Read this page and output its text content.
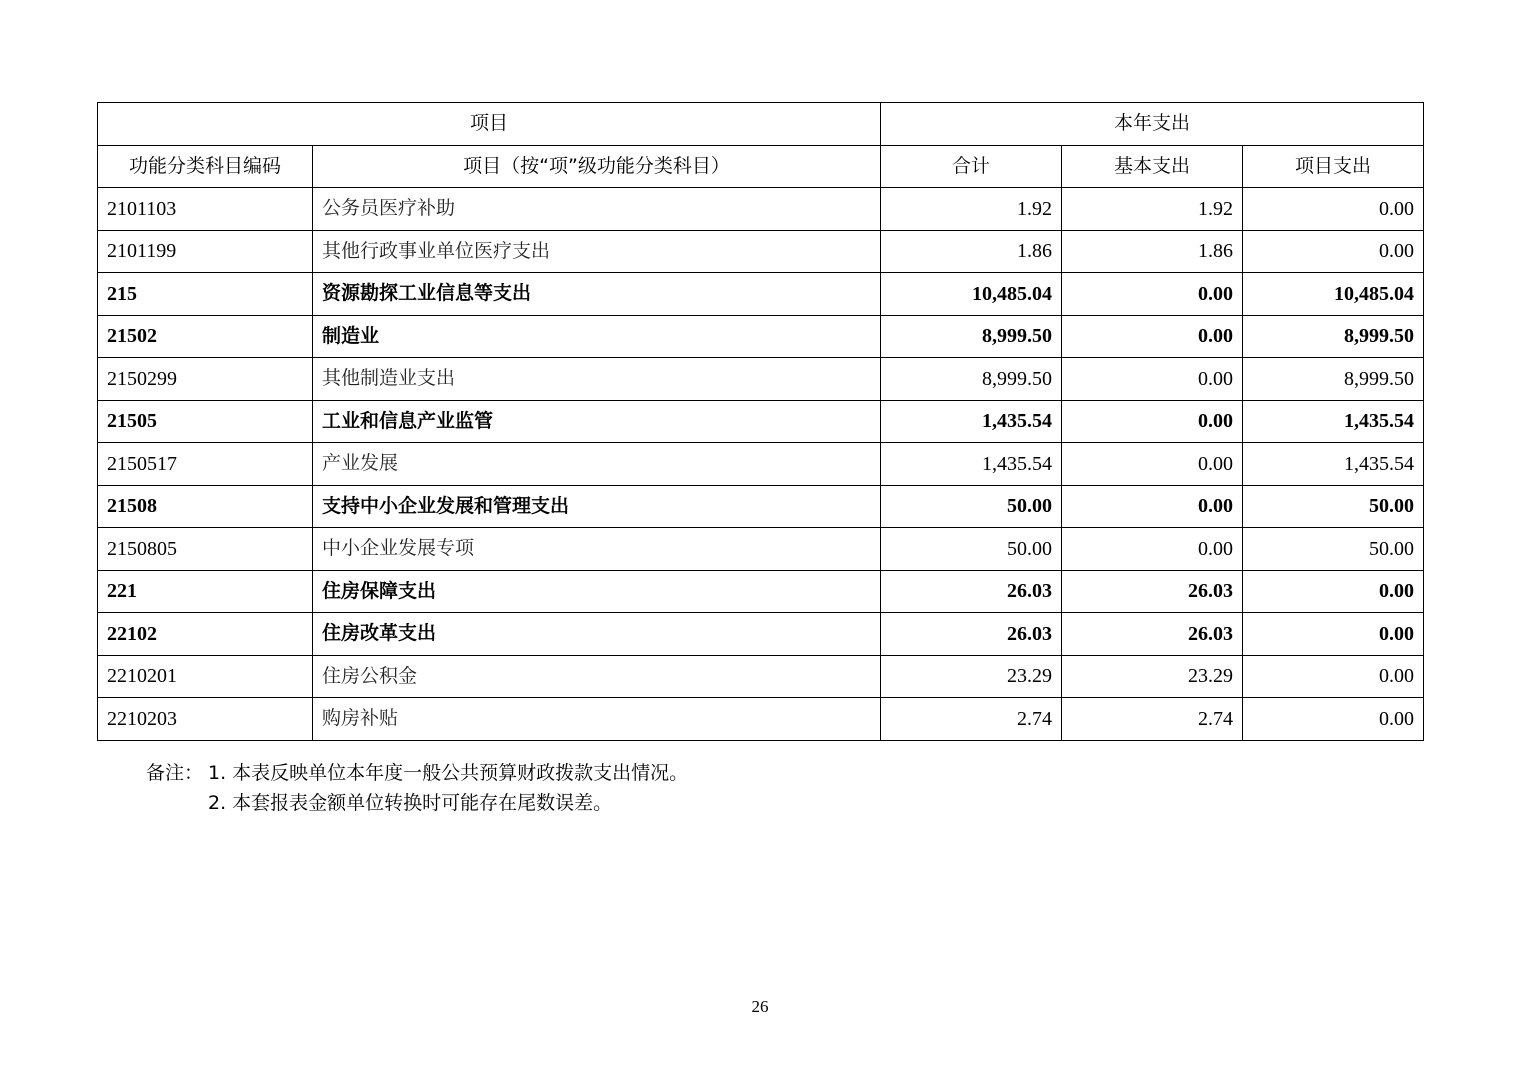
项目		本年支出		
功能分类科目编码	项目（按“项”级功能分类科目）	合计	基本支出	项目支出
2101103	公务员医疗补助	1.92	1.92	0.00
2101199	其他行政事业单位医疗支出	1.86	1.86	0.00
215	资源勘探工业信息等支出	10,485.04	0.00	10,485.04
21502	制造业	8,999.50	0.00	8,999.50
2150299	其他制造业支出	8,999.50	0.00	8,999.50
21505	工业和信息产业监管	1,435.54	0.00	1,435.54
2150517	产业发展	1,435.54	0.00	1,435.54
21508	支持中小企业发展和管理支出	50.00	0.00	50.00
2150805	中小企业发展专项	50.00	0.00	50.00
221	住房保障支出	26.03	26.03	0.00
22102	住房改革支出	26.03	26.03	0.00
2210201	住房公积金	23.29	23.29	0.00
2210203	购房补贴	2.74	2.74	0.00
备注： 1. 本表反映单位本年度一般公共预算财政拨款支出情况。
2. 本套报表金额单位转换时可能存在尾数误差。
26
